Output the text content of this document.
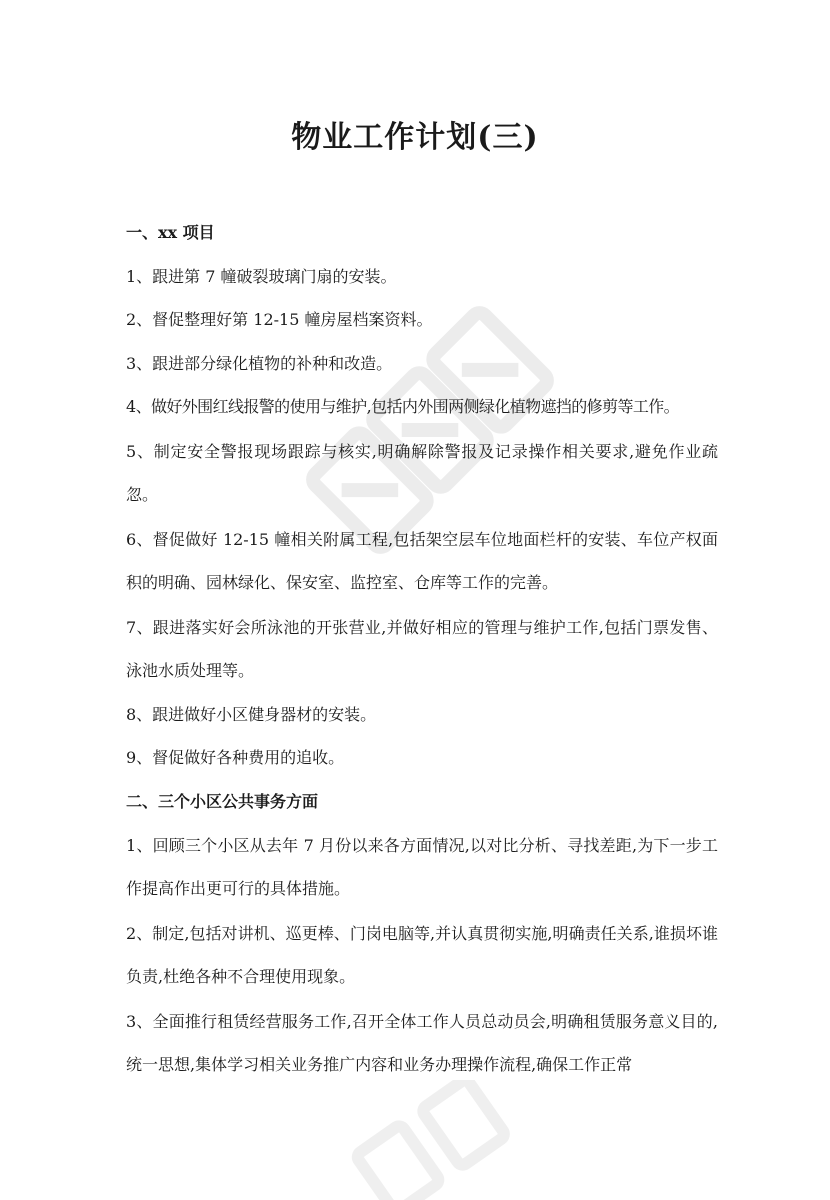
物业工作计划(三)

一、xx 项目

1、跟进第 7 幢破裂玻璃门扇的安装。

2、督促整理好第 12-15 幢房屋档案资料。

3、跟进部分绿化植物的补种和改造。

4、做好外围红线报警的使用与维护,包括内外围两侧绿化植物遮挡的修剪等工作。

5、制定安全警报现场跟踪与核实,明确解除警报及记录操作相关要求,避免作业疏忽。

6、督促做好 12-15 幢相关附属工程,包括架空层车位地面栏杆的安装、车位产权面积的明确、园林绿化、保安室、监控室、仓库等工作的完善。

7、跟进落实好会所泳池的开张营业,并做好相应的管理与维护工作,包括门票发售、泳池水质处理等。

8、跟进做好小区健身器材的安装。

9、督促做好各种费用的追收。

二、三个小区公共事务方面

1、回顾三个小区从去年 7 月份以来各方面情况,以对比分析、寻找差距,为下一步工作提高作出更可行的具体措施。

2、制定,包括对讲机、巡更棒、门岗电脑等,并认真贯彻实施,明确责任关系,谁损坏谁负责,杜绝各种不合理使用现象。

3、全面推行租赁经营服务工作,召开全体工作人员总动员会,明确租赁服务意义目的,统一思想,集体学习相关业务推广内容和业务办理操作流程,确保工作正常
